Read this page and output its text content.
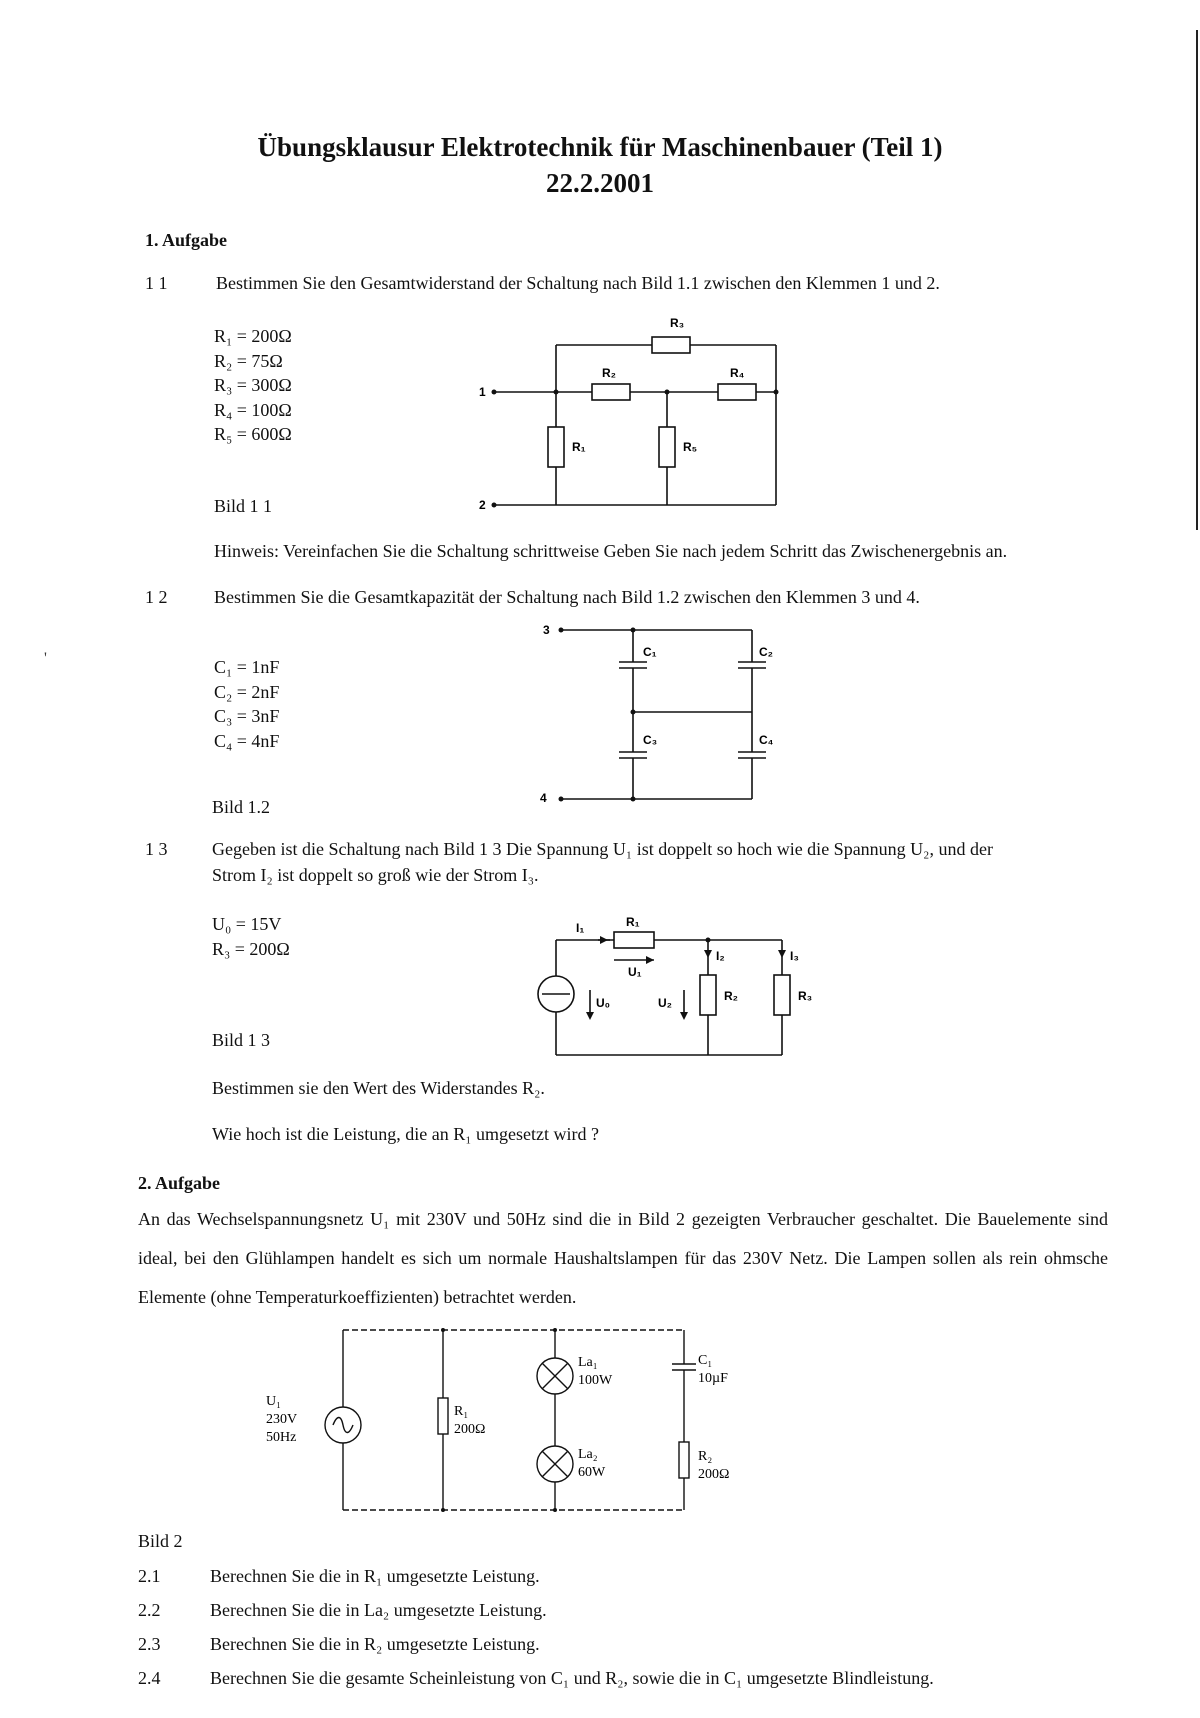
Übungsklausur Elektrotechnik für Maschinenbauer (Teil 1)
22.2.2001
1. Aufgabe
1 1	Bestimmen Sie den Gesamtwiderstand der Schaltung nach Bild 1.1 zwischen den Klemmen 1 und 2.
R₁ = 200Ω
R₂ = 75Ω
R₃ = 300Ω
R₄ = 100Ω
R₅ = 600Ω
Bild 1 1
R₃
R₂	R₄
R₁	R₅
1
2
Hinweis: Vereinfachen Sie die Schaltung schrittweise Geben Sie nach jedem Schritt das Zwischenergebnis an.
1 2	Bestimmen Sie die Gesamtkapazität der Schaltung nach Bild 1.2 zwischen den Klemmen 3 und 4.
C₁ = 1nF
C₂ = 2nF
C₃ = 3nF
C₄ = 4nF
Bild 1.2
C₁	C₂
C₃	C₄
3
4
1 3 Gegeben ist die Schaltung nach Bild 1 3 Die Spannung U₁ ist doppelt so hoch wie die Spannung U₂, und der
Strom I₂ ist doppelt so groß wie der Strom I₃.
U₀ = 15V
R₃ = 200Ω
Bild 1 3
I₁	R₁
U₁
I₂	I₃
U₀	U₂	R₂	R₃
Bestimmen sie den Wert des Widerstandes R₂.
Wie hoch ist die Leistung, die an R₁ umgesetzt wird ?
2. Aufgabe
An das Wechselspannungsnetz U₁ mit 230V und 50Hz sind die in Bild 2 gezeigten Verbraucher geschaltet. Die Bauelemente sind ideal, bei den Glühlampen handelt es sich um normale Haushaltslampen für das 230V Netz. Die Lampen sollen als rein ohmsche Elemente (ohne Temperaturkoeffizienten) betrachtet werden.
U₁
230V
50Hz
R₁
200Ω
La₁
100W
La₂
60W
C₁
10µF
R₂
200Ω
Bild 2
2.1	Berechnen Sie die in R₁ umgesetzte Leistung.
2.2	Berechnen Sie die in La₂ umgesetzte Leistung.
2.3	Berechnen Sie die in R₂ umgesetzte Leistung.
2.4	Berechnen Sie die gesamte Scheinleistung von C₁ und R₂, sowie die in C₁ umgesetzte Blindleistung.
'
